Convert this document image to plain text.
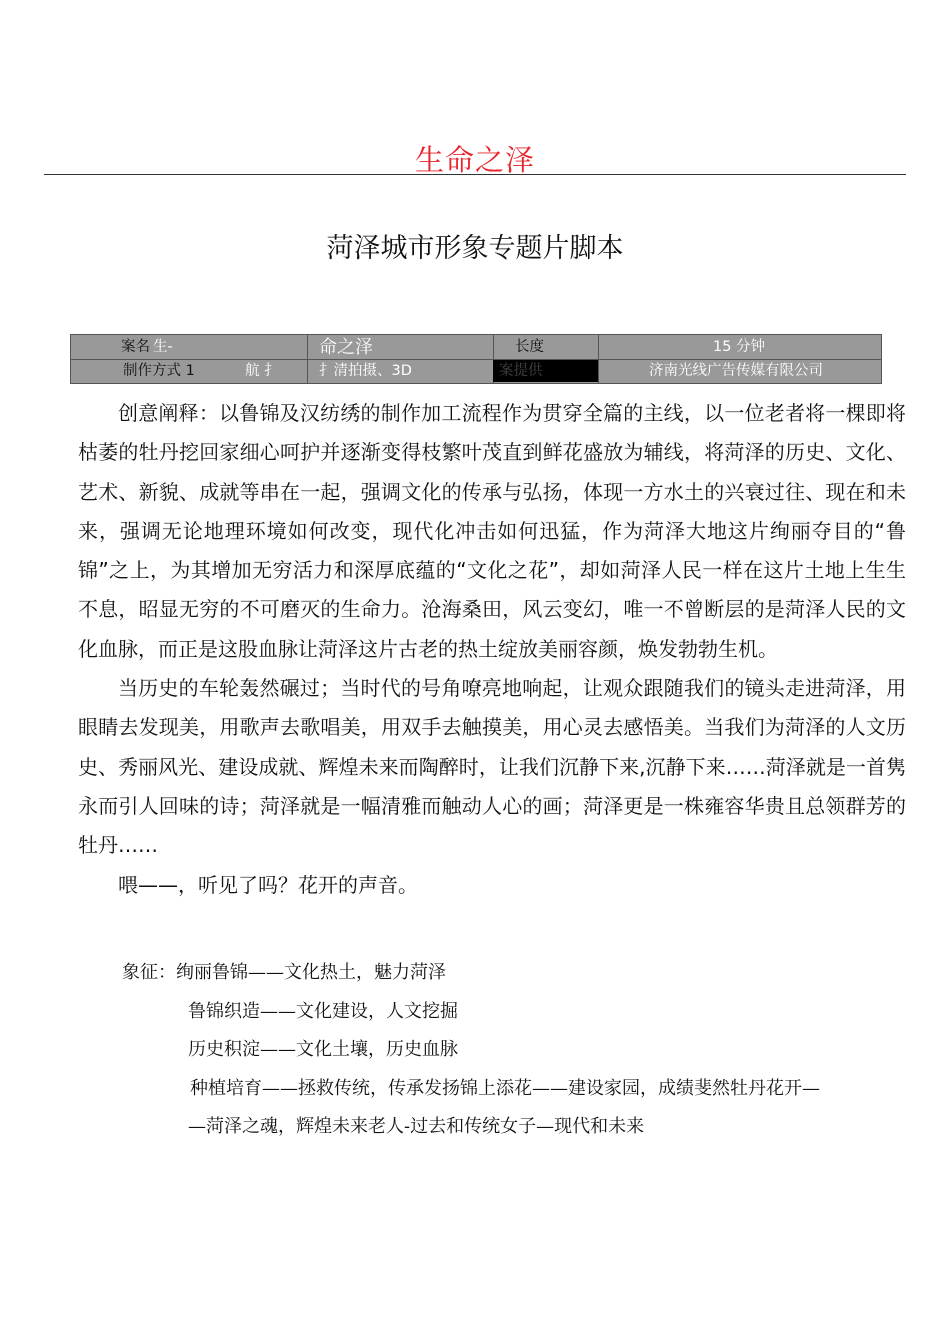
生命之泽
菏泽城市形象专题片脚本
案名 生-	命之泽	长度	15 分钟
制作方式 1	航 扌	扌清拍摄、3D	案提供	济南光线广告传媒有限公司

创意阐释：以鲁锦及汉纺绣的制作加工流程作为贯穿全篇的主线，以一位老者将一棵即将枯萎的牡丹挖回家细心呵护并逐渐变得枝繁叶茂直到鲜花盛放为辅线，将菏泽的历史、文化、艺术、新貌、成就等串在一起，强调文化的传承与弘扬，体现一方水土的兴衰过往、现在和未来，强调无论地理环境如何改变，现代化冲击如何迅猛，作为菏泽大地这片绚丽夺目的“鲁锦”之上，为其增加无穷活力和深厚底蕴的“文化之花”，却如菏泽人民一样在这片土地上生生不息，昭显无穷的不可磨灭的生命力。沧海桑田，风云变幻，唯一不曾断层的是菏泽人民的文化血脉，而正是这股血脉让菏泽这片古老的热土绽放美丽容颜，焕发勃勃生机。

当历史的车轮轰然碾过；当时代的号角嘹亮地响起，让观众跟随我们的镜头走进菏泽，用眼睛去发现美，用歌声去歌唱美，用双手去触摸美，用心灵去感悟美。当我们为菏泽的人文历史、秀丽风光、建设成就、辉煌未来而陶醉时，让我们沉静下来,沉静下来……菏泽就是一首隽永而引人回味的诗；菏泽就是一幅清雅而触动人心的画；菏泽更是一株雍容华贵且总领群芳的牡丹……

喂——，听见了吗？花开的声音。

象征：绚丽鲁锦——文化热土，魅力菏泽
鲁锦织造——文化建设，人文挖掘
历史积淀——文化土壤，历史血脉
种植培育——拯救传统，传承发扬锦上添花——建设家园，成绩斐然牡丹花开—
—菏泽之魂，辉煌未来老人-过去和传统女子—现代和未来
